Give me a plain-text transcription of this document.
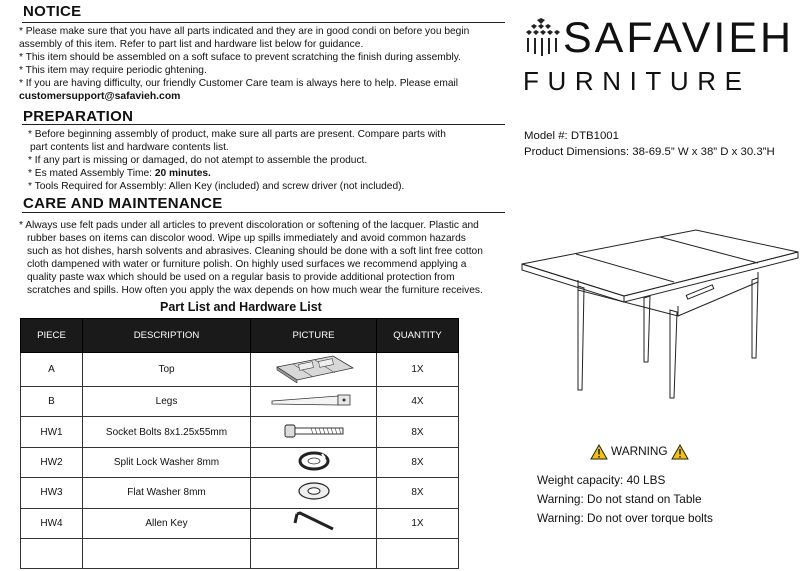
NOTICE
* Please make sure that you have all parts indicated and they are in good condi on before you begin
assembly of this item. Refer to part list and hardware list below for guidance.
* This item should be assembled on a soft suface to prevent scratching the finish during assembly.
* This item may require periodic ghtening.
* If you are having difficulty, our friendly Customer Care team is always here to help. Please email
customersupport@safavieh.com
PREPARATION
* Before beginning assembly of product, make sure all parts are present. Compare parts with
part contents list and hardware contents list.
* If any part is missing or damaged, do not atempt to assemble the product.
* Es mated Assembly Time: 20 minutes.
* Tools Required for Assembly: Allen Key (included) and screw driver (not included).
CARE AND MAINTENANCE
* Always use felt pads under all articles to prevent discoloration or softening of the lacquer. Plastic and
rubber bases on items can discolor wood. Wipe up spills immediately and avoid common hazards
such as hot dishes, harsh solvents and abrasives. Cleaning should be done with a soft lint free cotton
cloth dampened with water or furniture polish. On highly used surfaces we recommend applying a
quality paste wax which should be used on a regular basis to provide additional protection from
scratches and spills. How often you apply the wax depends on how much wear the furniture receives.
Part List and Hardware List
PIECE	DESCRIPTION	PICTURE	QUANTITY
A	Top		1X
B	Legs		4X
HW1	Socket Bolts 8x1.25x55mm		8X
HW2	Split Lock Washer 8mm		8X
HW3	Flat Washer 8mm		8X
HW4	Allen Key		1X

SAFAVIEH
FURNITURE
Model #: DTB1001
Product Dimensions: 38-69.5” W x 38” D x 30.3”H
WARNING
Weight capacity: 40 LBS
Warning: Do not stand on Table
Warning: Do not over torque bolts
